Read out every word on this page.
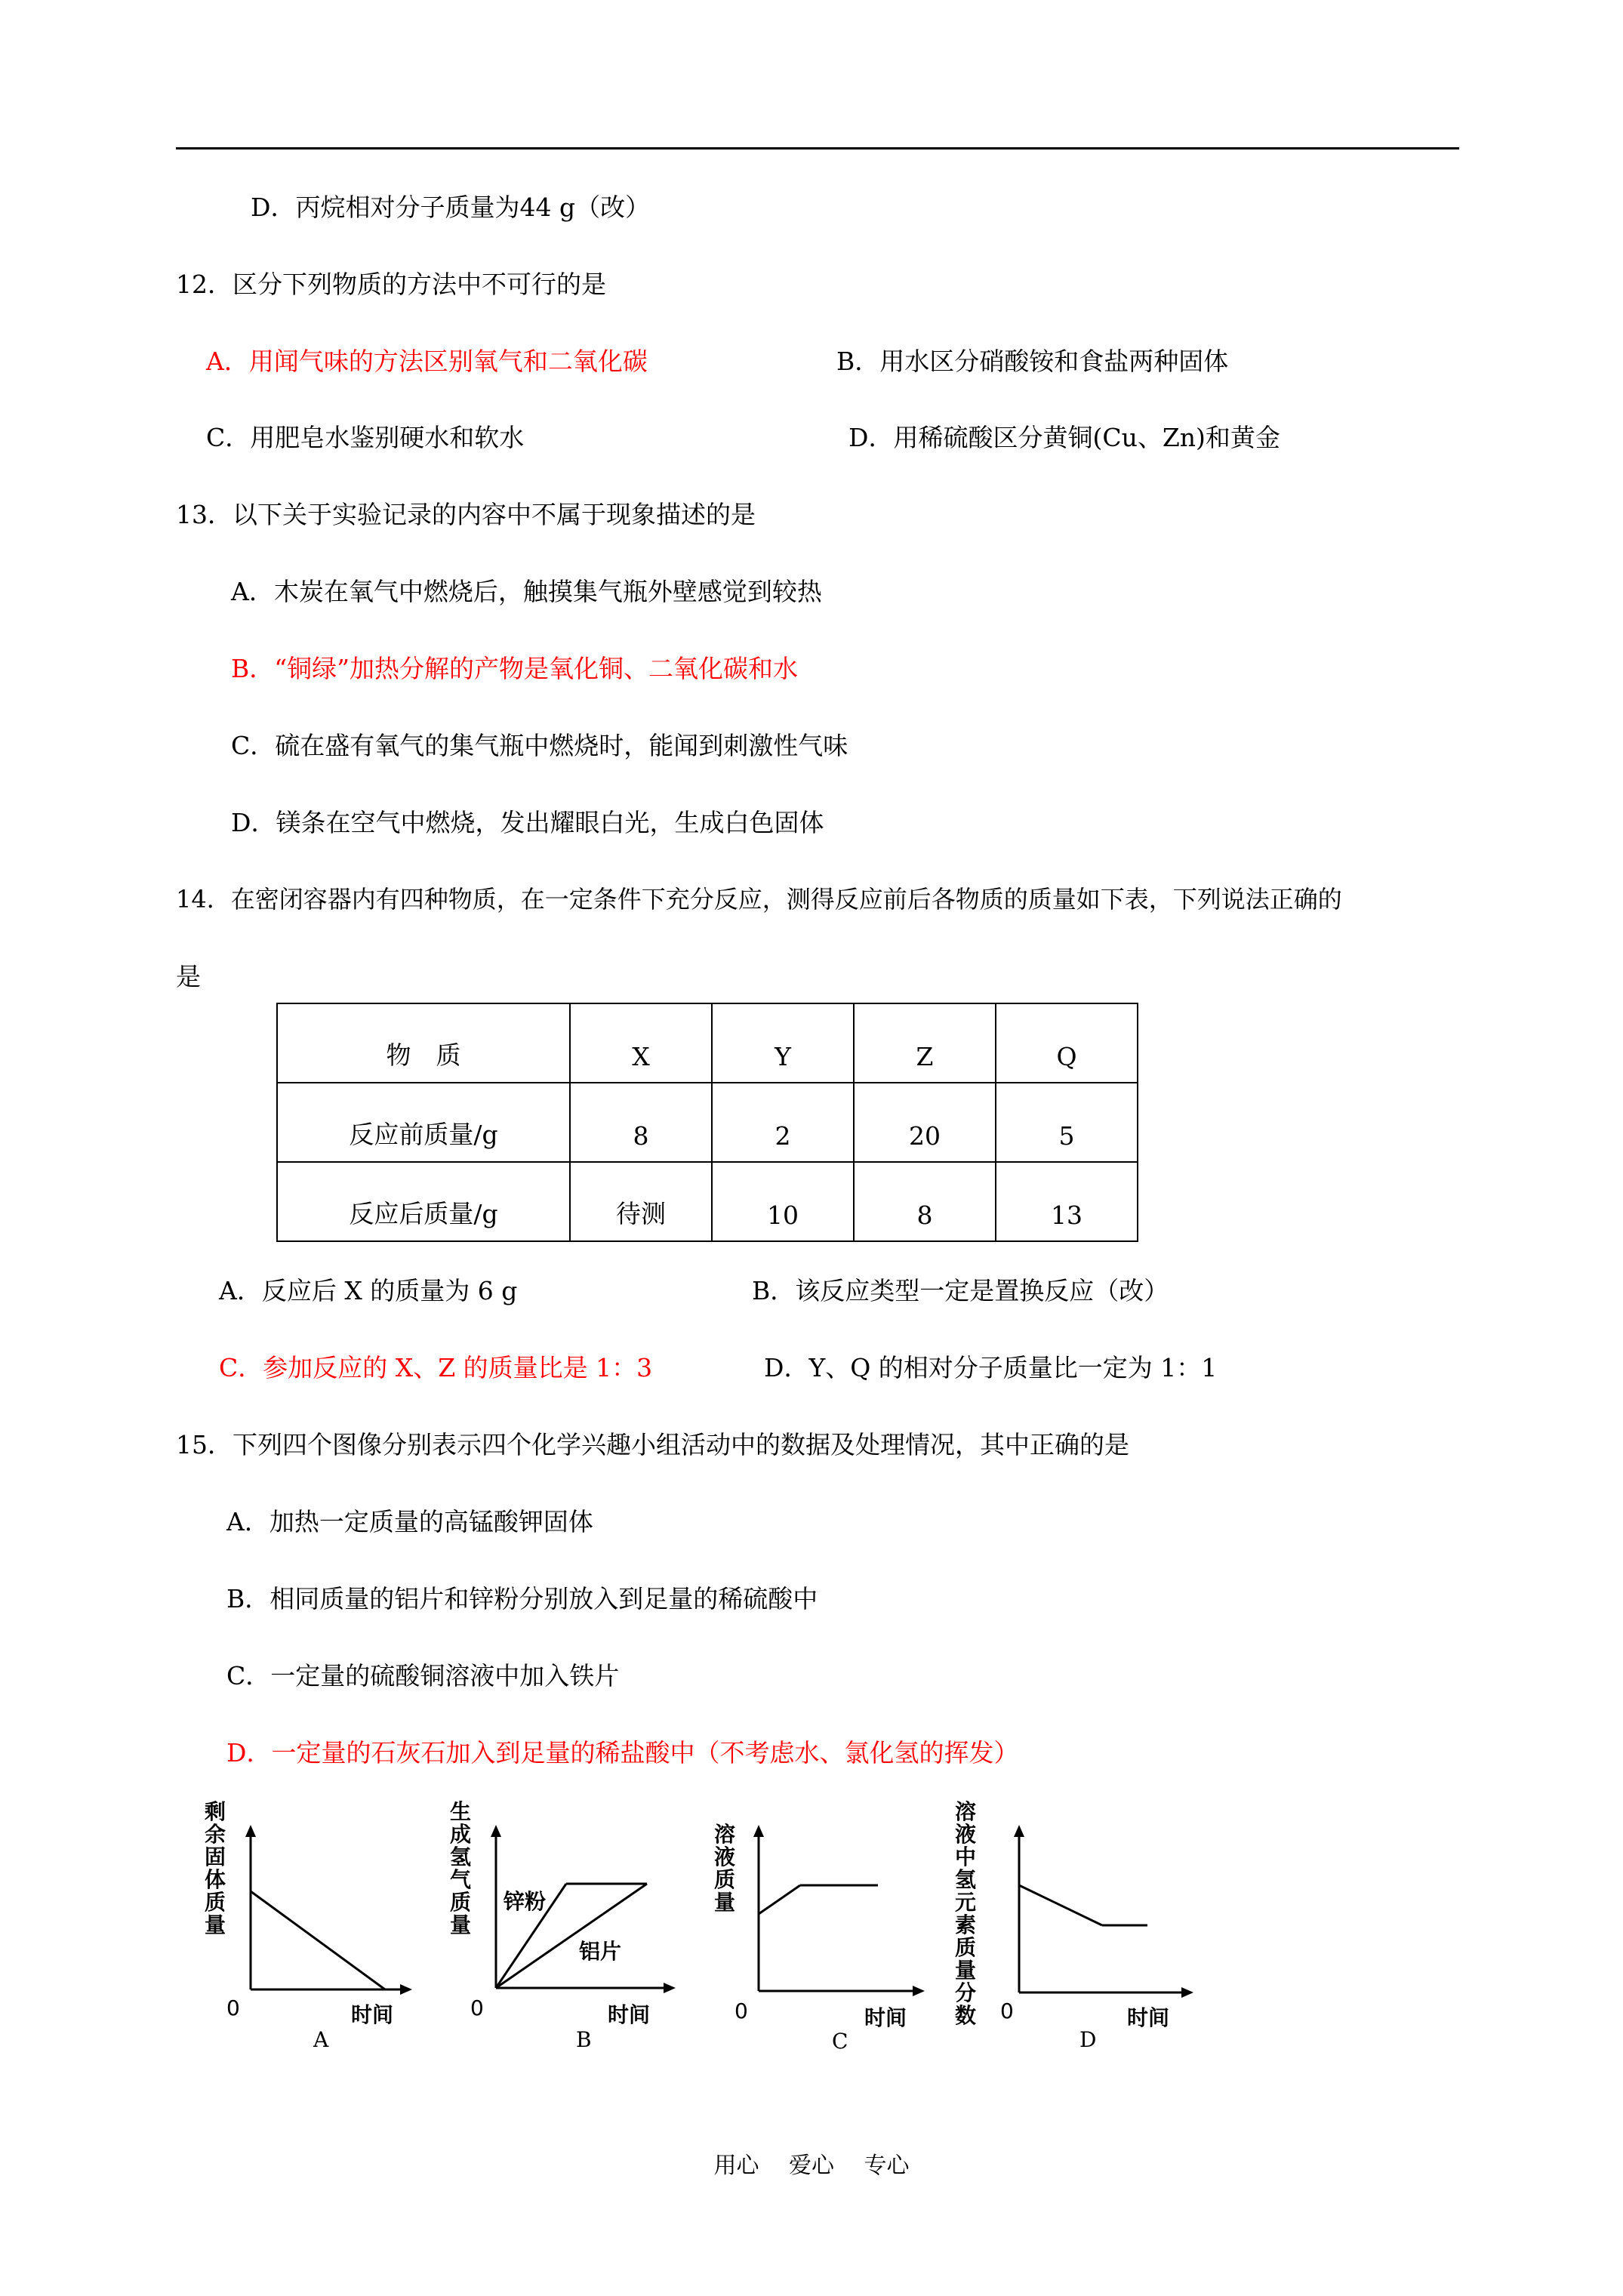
D．丙烷相对分子质量为44 g（改）
12．区分下列物质的方法中不可行的是
A．用闻气味的方法区别氧气和二氧化碳	B．用水区分硝酸铵和食盐两种固体
C．用肥皂水鉴别硬水和软水	D．用稀硫酸区分黄铜(Cu、Zn)和黄金
13．以下关于实验记录的内容中不属于现象描述的是
A．木炭在氧气中燃烧后，触摸集气瓶外壁感觉到较热
B．“铜绿”加热分解的产物是氧化铜、二氧化碳和水
C．硫在盛有氧气的集气瓶中燃烧时，能闻到刺激性气味
D．镁条在空气中燃烧，发出耀眼白光，生成白色固体
14．在密闭容器内有四种物质，在一定条件下充分反应，测得反应前后各物质的质量如下表，下列说法正确的
是
物　质	X	Y	Z	Q
反应前质量/g	8	2	20	5
反应后质量/g	待测	10	8	13
A．反应后 X 的质量为 6 g	B．该反应类型一定是置换反应（改）
C．参加反应的 X、Z 的质量比是 1：3	D．Y、Q 的相对分子质量比一定为 1：1
15．下列四个图像分别表示四个化学兴趣小组活动中的数据及处理情况，其中正确的是
A．加热一定质量的高锰酸钾固体
B．相同质量的铝片和锌粉分别放入到足量的稀硫酸中
C．一定量的硫酸铜溶液中加入铁片
D．一定量的石灰石加入到足量的稀盐酸中（不考虑水、氯化氢的挥发）
剩
余
固
体
质
量
0	时间
A
生
成
氢
气
质
量
锌粉
铝片
0	时间
B
溶
液
质
量
0	时间
C
溶液
中氢
元素
质量
分数	0	时间
D
用心 爱心 专心
